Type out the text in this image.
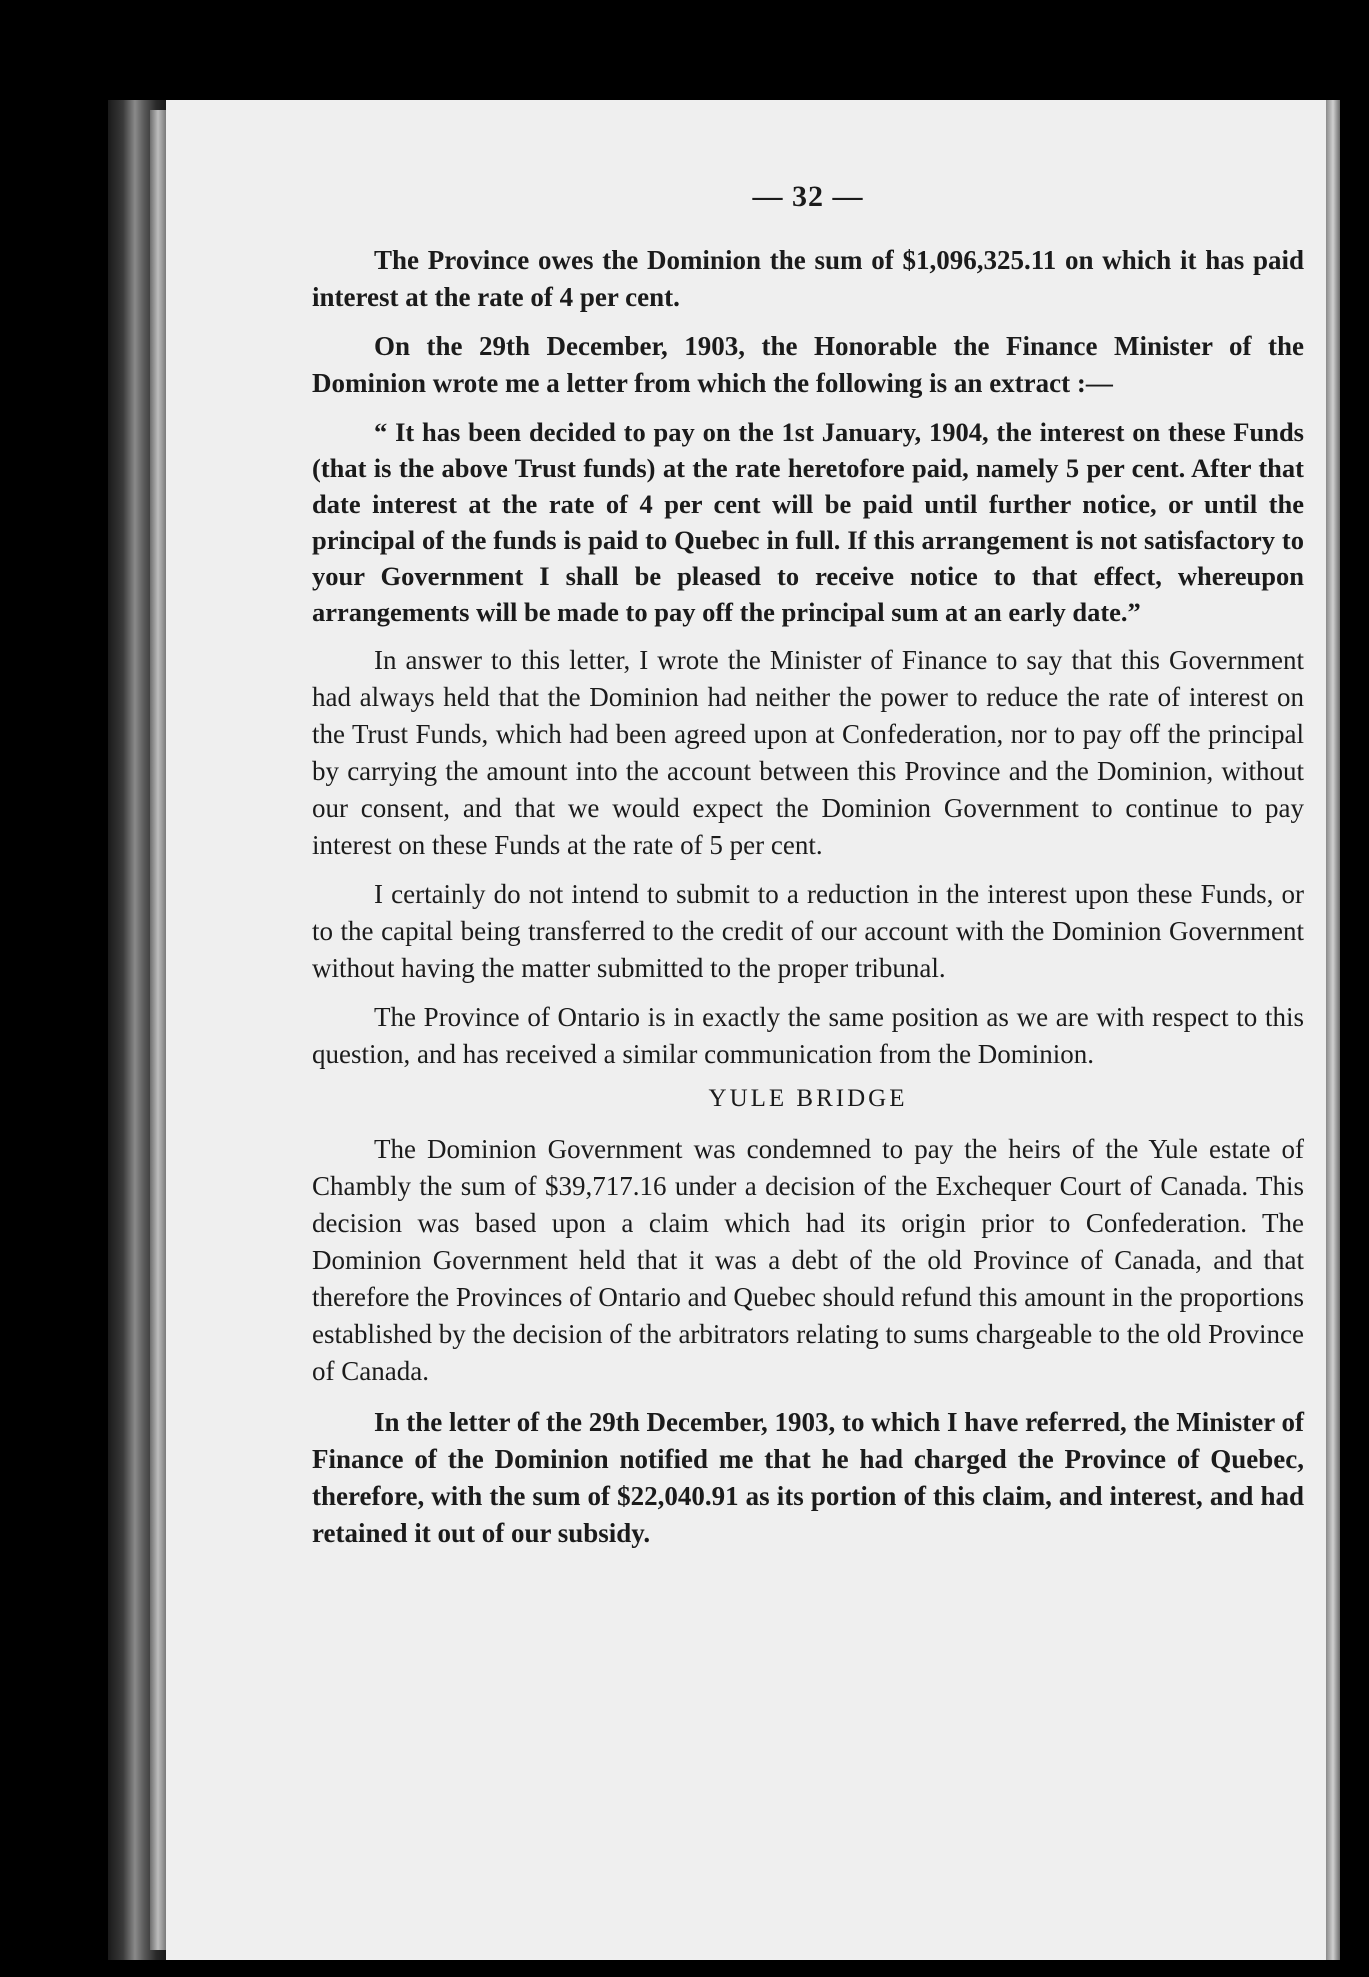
— 32 —

The Province owes the Dominion the sum of $1,096,325.11 on which it has paid interest at the rate of 4 per cent.

On the 29th December, 1903, the Honorable the Finance Minister of the Dominion wrote me a letter from which the following is an extract :—

“ It has been decided to pay on the 1st January, 1904, the interest on these Funds (that is the above Trust funds) at the rate heretofore paid, namely 5 per cent. After that date interest at the rate of 4 per cent will be paid until further notice, or until the principal of the funds is paid to Quebec in full. If this arrangement is not satisfactory to your Government I shall be pleased to receive notice to that effect, whereupon arrangements will be made to pay off the principal sum at an early date.”

In answer to this letter, I wrote the Minister of Finance to say that this Government had always held that the Dominion had neither the power to reduce the rate of interest on the Trust Funds, which had been agreed upon at Confederation, nor to pay off the principal by carrying the amount into the account between this Province and the Dominion, without our consent, and that we would expect the Dominion Government to continue to pay interest on these Funds at the rate of 5 per cent.

I certainly do not intend to submit to a reduction in the interest upon these Funds, or to the capital being transferred to the credit of our account with the Dominion Government without having the matter submitted to the proper tribunal.

The Province of Ontario is in exactly the same position as we are with respect to this question, and has received a similar communication from the Dominion.

YULE BRIDGE

The Dominion Government was condemned to pay the heirs of the Yule estate of Chambly the sum of $39,717.16 under a decision of the Exchequer Court of Canada. This decision was based upon a claim which had its origin prior to Confederation. The Dominion Government held that it was a debt of the old Province of Canada, and that therefore the Provinces of Ontario and Quebec should refund this amount in the proportions established by the decision of the arbitrators relating to sums chargeable to the old Province of Canada.

In the letter of the 29th December, 1903, to which I have referred, the Minister of Finance of the Dominion notified me that he had charged the Province of Quebec, therefore, with the sum of $22,040.91 as its portion of this claim, and interest, and had retained it out of our subsidy.
